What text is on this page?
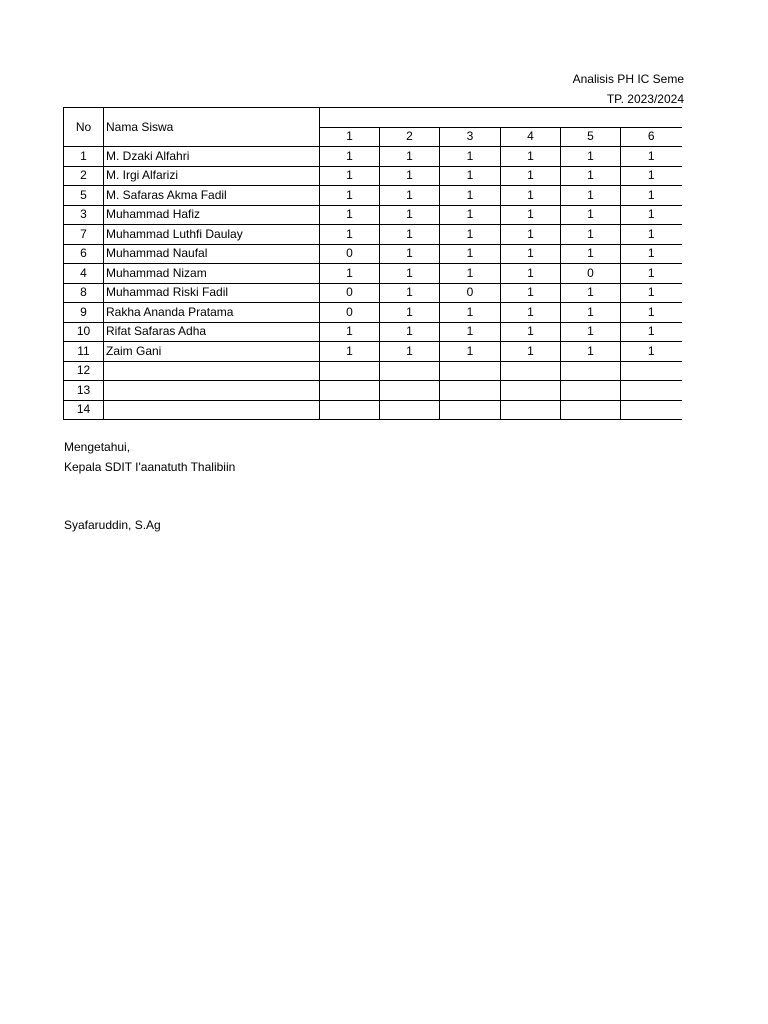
Analisis PH IC Seme
TP. 2023/2024
No	Nama Siswa						
		1	2	3	4	5	6
1	M. Dzaki Alfahri	1	1	1	1	1	1
2	M. Irgi Alfarizi	1	1	1	1	1	1
5	M. Safaras Akma Fadil	1	1	1	1	1	1
3	Muhammad Hafiz	1	1	1	1	1	1
7	Muhammad Luthfi Daulay	1	1	1	1	1	1
6	Muhammad Naufal	0	1	1	1	1	1
4	Muhammad Nizam	1	1	1	1	0	1
8	Muhammad Riski Fadil	0	1	0	1	1	1
9	Rakha Ananda Pratama	0	1	1	1	1	1
10	Rifat Safaras Adha	1	1	1	1	1	1
11	Zaim Gani	1	1	1	1	1	1
12							
13							
14							
Mengetahui,
Kepala SDIT I'aanatuth Thalibiin
Syafaruddin, S.Ag
